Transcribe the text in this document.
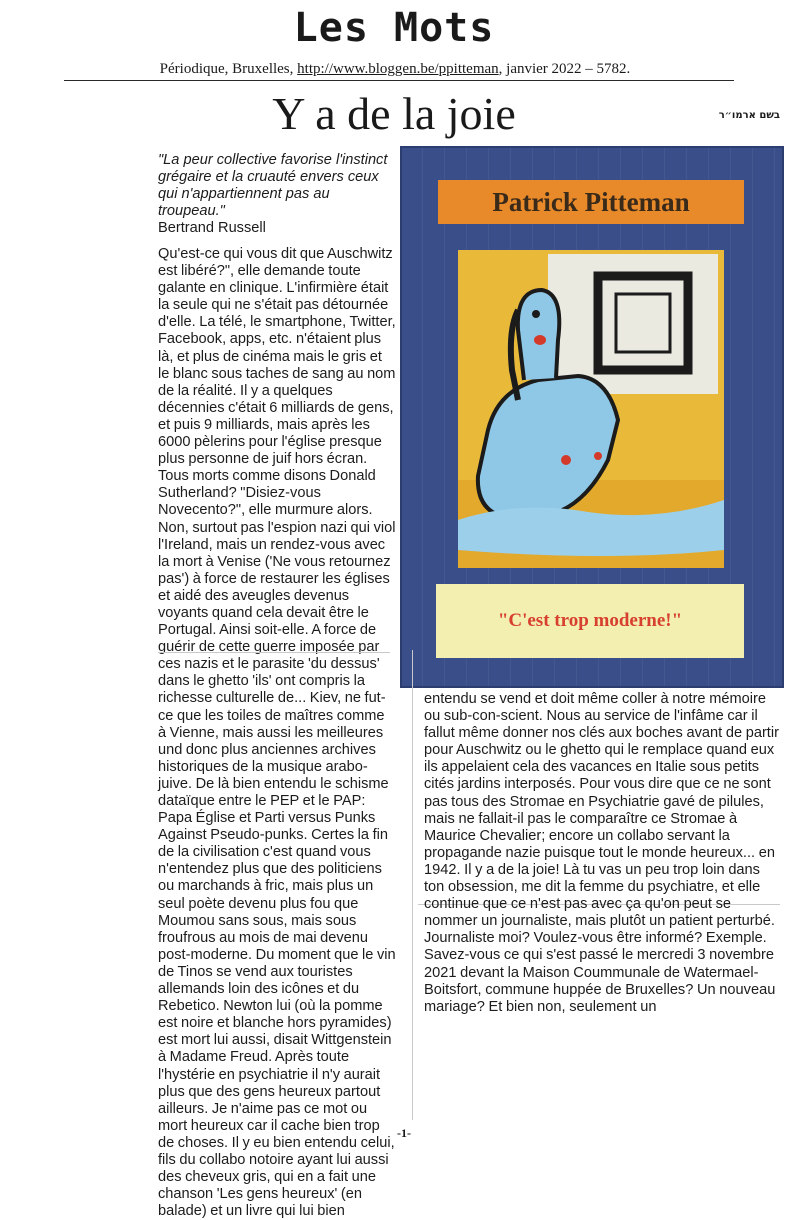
Les Mots
Périodique, Bruxelles, http://www.bloggen.be/ppitteman, janvier 2022 – 5782.
Y a de la joie	בשם ארמו״ר
"La peur collective favorise l'instinct grégaire et la cruauté envers ceux qui n'appartiennent pas au troupeau."
Bertrand Russell
Qu'est-ce qui vous dit que Auschwitz est libéré?", elle demande toute galante en clinique. L'infirmière était la seule qui ne s'était pas détournée d'elle. La télé, le smartphone, Twitter, Facebook, apps, etc. n'étaient plus là, et plus de cinéma mais le gris et le blanc sous taches de sang au nom de la réalité. Il y a quelques décennies c'était 6 milliards de gens, et puis 9 milliards, mais après les 6000 pèlerins pour l'église presque plus personne de juif hors écran. Tous morts comme disons Donald Sutherland? "Disiez-vous Novecento?", elle murmure alors. Non, surtout pas l'espion nazi qui viol l'Ireland, mais un rendez-vous avec la mort à Venise ('Ne vous retournez pas') à force de restaurer les églises et aidé des aveugles devenus voyants quand cela devait être le Portugal. Ainsi soit-elle. A force de guérir de cette guerre imposée par ces nazis et le parasite 'du dessus' dans le ghetto 'ils' ont compris la richesse culturelle de... Kiev, ne fut-ce que les toiles de maîtres comme à Vienne, mais aussi les meilleures und donc plus anciennes archives historiques de la musique arabo-juive. De là bien entendu le schisme dataïque entre le PEP et le PAP: Papa Église et Parti versus Punks Against Pseudo-punks. Certes la fin de la civilisation c'est quand vous n'entendez plus que des politiciens ou marchands à fric, mais plus un seul poète devenu plus fou que Moumou sans sous, mais sous froufrous au mois de mai devenu post-moderne. Du moment que le vin de Tinos se vend aux touristes allemands loin des icônes et du Rebetico. Newton lui (où la pomme est noire et blanche hors pyramides) est mort lui aussi, disait Wittgenstein à Madame Freud. Après toute l'hystérie en psychiatrie il n'y aurait plus que des gens heureux partout ailleurs. Je n'aime pas ce mot ou mort heureux car il cache bien trop de choses. Il y eu bien entendu celui, fils du collabo notoire ayant lui aussi des cheveux gris, qui en a fait une chanson 'Les gens heureux' (en balade) et un livre qui lui bien
Patrick Pitteman
"C'est trop moderne!"
entendu se vend et doit même coller à notre mémoire ou sub-con-scient. Nous au service de l'infâme car il fallut même donner nos clés aux boches avant de partir pour Auschwitz ou le ghetto qui le remplace quand eux ils appelaient cela des vacances en Italie sous petits cités jardins interposés. Pour vous dire que ce ne sont pas tous des Stromae en Psychiatrie gavé de pilules, mais ne fallait-il pas le comparaître ce Stromae à Maurice Chevalier; encore un collabo servant la propagande nazie puisque tout le monde heureux... en 1942. Il y a de la joie! Là tu vas un peu trop loin dans ton obsession, me dit la femme du psychiatre, et elle continue que ce n'est pas avec ça qu'on peut se nommer un journaliste, mais plutôt un patient perturbé. Journaliste moi? Voulez-vous être informé? Exemple. Savez-vous ce qui s'est passé le mercredi 3 novembre 2021 devant la Maison Coummunale de Watermael-Boitsfort, commune huppée de Bruxelles? Un nouveau mariage? Et bien non, seulement un
-1-
